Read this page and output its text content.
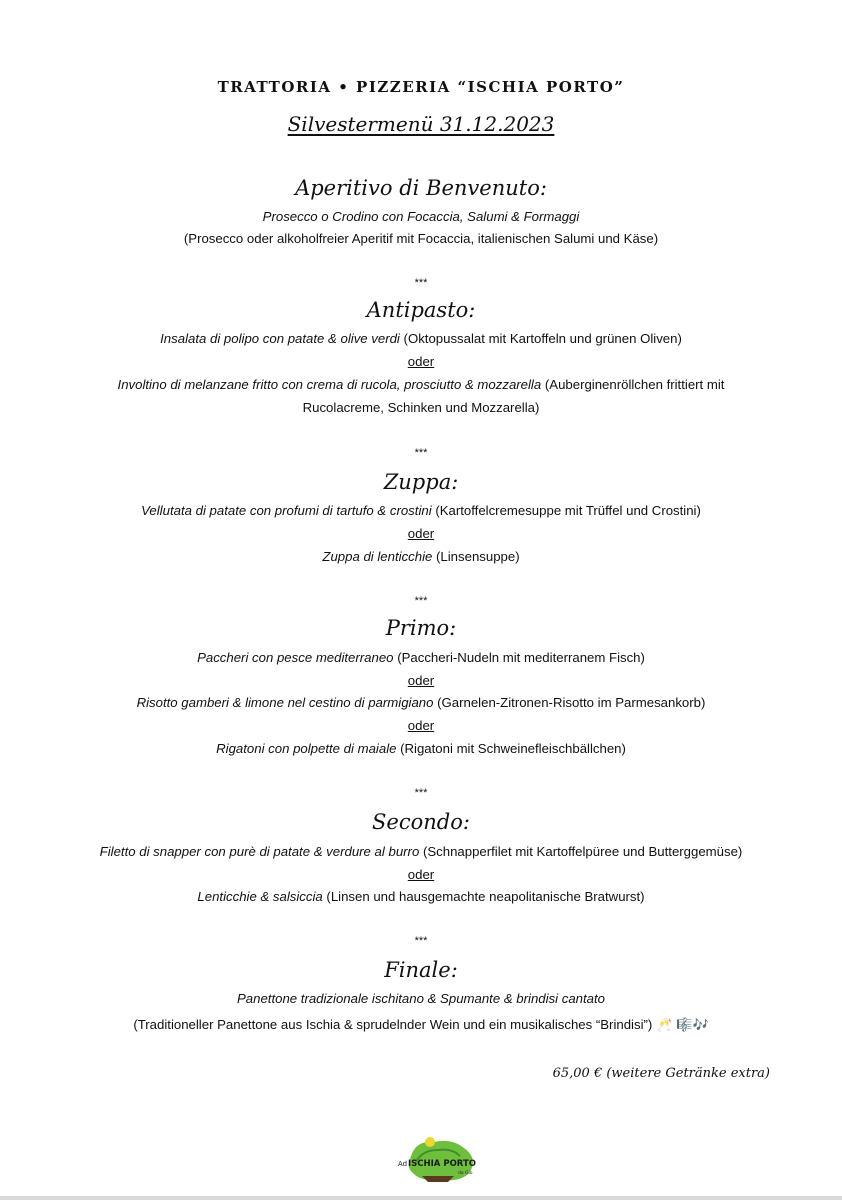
TRATTORIA • PIZZERIA “ISCHIA PORTO”
Silvestermenü 31.12.2023
Aperitivo di Benvenuto:
Prosecco o Crodino con Focaccia, Salumi & Formaggi
(Prosecco oder alkoholfreier Aperitif mit Focaccia, italienischen Salumi und Käse)
***
Antipasto:
Insalata di polipo con patate & olive verdi (Oktopussalat mit Kartoffeln und grünen Oliven)
oder
Involtino di melanzane fritto con crema di rucola, prosciutto & mozzarella (Auberginenröllchen frittiert mit
Rucolacreme, Schinken und Mozzarella)
***
Zuppa:
Vellutata di patate con profumi di tartufo & crostini (Kartoffelcremesuppe mit Trüffel und Crostini)
oder
Zuppa di lenticchie (Linsensuppe)
***
Primo:
Paccheri con pesce mediterraneo (Paccheri-Nudeln mit mediterranem Fisch)
oder
Risotto gamberi & limone nel cestino di parmigiano (Garnelen-Zitronen-Risotto im Parmesankorb)
oder
Rigatoni con polpette di maiale (Rigatoni mit Schweinefleischbällchen)
***
Secondo:
Filetto di snapper con purè di patate & verdure al burro (Schnapperfilet mit Kartoffelpüree und Butterggemüse)
oder
Lenticchie & salsiccia (Linsen und hausgemachte neapolitanische Bratwurst)
***
Finale:
Panettone tradizionale ischitano & Spumante & brindisi cantato
(Traditioneller Panettone aus Ischia & sprudelnder Wein und ein musikalisches “Brindisi”) 🥂 🎼🎶
65,00 € (weitere Getränke extra)
Ad ISCHIA PORTO
da Gio
